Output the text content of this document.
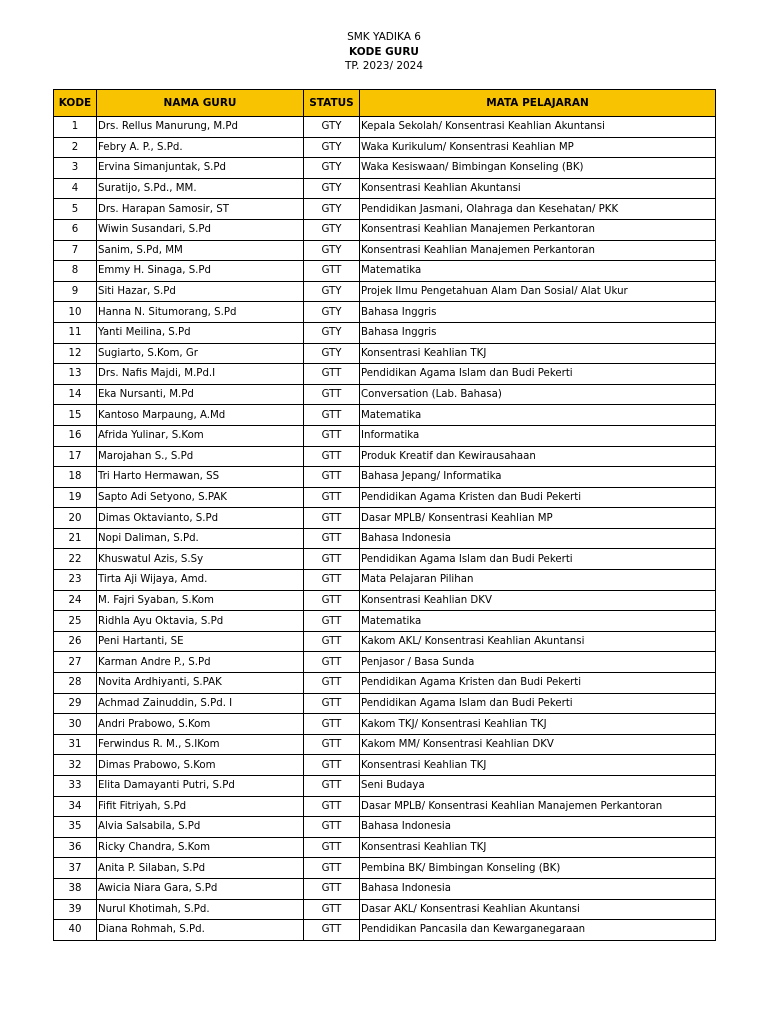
SMK YADIKA 6
KODE GURU
TP. 2023/ 2024
KODE	NAMA GURU	STATUS	MATA PELAJARAN
1	Drs. Rellus Manurung, M.Pd	GTY	Kepala Sekolah/ Konsentrasi Keahlian Akuntansi
2	Febry A. P., S.Pd.	GTY	Waka Kurikulum/ Konsentrasi Keahlian MP
3	Ervina Simanjuntak, S.Pd	GTY	Waka Kesiswaan/ Bimbingan Konseling (BK)
4	Suratijo, S.Pd., MM.	GTY	Konsentrasi Keahlian Akuntansi
5	Drs. Harapan Samosir, ST	GTY	Pendidikan Jasmani, Olahraga dan Kesehatan/ PKK
6	Wiwin Susandari, S.Pd	GTY	Konsentrasi Keahlian Manajemen Perkantoran
7	Sanim, S.Pd, MM	GTY	Konsentrasi Keahlian Manajemen Perkantoran
8	Emmy H. Sinaga, S.Pd	GTT	Matematika
9	Siti Hazar, S.Pd	GTY	Projek Ilmu Pengetahuan Alam Dan Sosial/ Alat Ukur
10	Hanna N. Situmorang, S.Pd	GTY	Bahasa Inggris
11	Yanti Meilina, S.Pd	GTY	Bahasa Inggris
12	Sugiarto, S.Kom, Gr	GTY	Konsentrasi Keahlian TKJ
13	Drs. Nafis Majdi, M.Pd.I	GTT	Pendidikan Agama Islam dan Budi Pekerti
14	Eka Nursanti, M.Pd	GTT	Conversation (Lab. Bahasa)
15	Kantoso Marpaung, A.Md	GTT	Matematika
16	Afrida Yulinar, S.Kom	GTT	Informatika
17	Marojahan S., S.Pd	GTT	Produk Kreatif dan Kewirausahaan
18	Tri Harto Hermawan, SS	GTT	Bahasa Jepang/ Informatika
19	Sapto Adi Setyono, S.PAK	GTT	Pendidikan Agama Kristen dan Budi Pekerti
20	Dimas Oktavianto, S.Pd	GTT	Dasar MPLB/ Konsentrasi Keahlian MP
21	Nopi Daliman, S.Pd.	GTT	Bahasa Indonesia
22	Khuswatul Azis, S.Sy	GTT	Pendidikan Agama Islam dan Budi Pekerti
23	Tirta Aji Wijaya, Amd.	GTT	Mata Pelajaran Pilihan
24	M. Fajri Syaban, S.Kom	GTT	Konsentrasi Keahlian DKV
25	Ridhla Ayu Oktavia, S.Pd	GTT	Matematika
26	Peni Hartanti, SE	GTT	Kakom AKL/ Konsentrasi Keahlian Akuntansi
27	Karman Andre P., S.Pd	GTT	Penjasor / Basa Sunda
28	Novita Ardhiyanti, S.PAK	GTT	Pendidikan Agama Kristen dan Budi Pekerti
29	Achmad Zainuddin, S.Pd. I	GTT	Pendidikan Agama Islam dan Budi Pekerti
30	Andri Prabowo, S.Kom	GTT	Kakom TKJ/ Konsentrasi Keahlian TKJ
31	Ferwindus R. M., S.IKom	GTT	Kakom MM/ Konsentrasi Keahlian DKV
32	Dimas Prabowo, S.Kom	GTT	Konsentrasi Keahlian TKJ
33	Elita Damayanti Putri, S.Pd	GTT	Seni Budaya
34	Fifit Fitriyah, S.Pd	GTT	Dasar MPLB/ Konsentrasi Keahlian Manajemen Perkantoran
35	Alvia Salsabila, S.Pd	GTT	Bahasa Indonesia
36	Ricky Chandra, S.Kom	GTT	Konsentrasi Keahlian TKJ
37	Anita P. Silaban, S.Pd	GTT	Pembina BK/ Bimbingan Konseling (BK)
38	Awicia Niara Gara, S.Pd	GTT	Bahasa Indonesia
39	Nurul Khotimah, S.Pd.	GTT	Dasar AKL/ Konsentrasi Keahlian Akuntansi
40	Diana Rohmah, S.Pd.	GTT	Pendidikan Pancasila dan Kewarganegaraan
